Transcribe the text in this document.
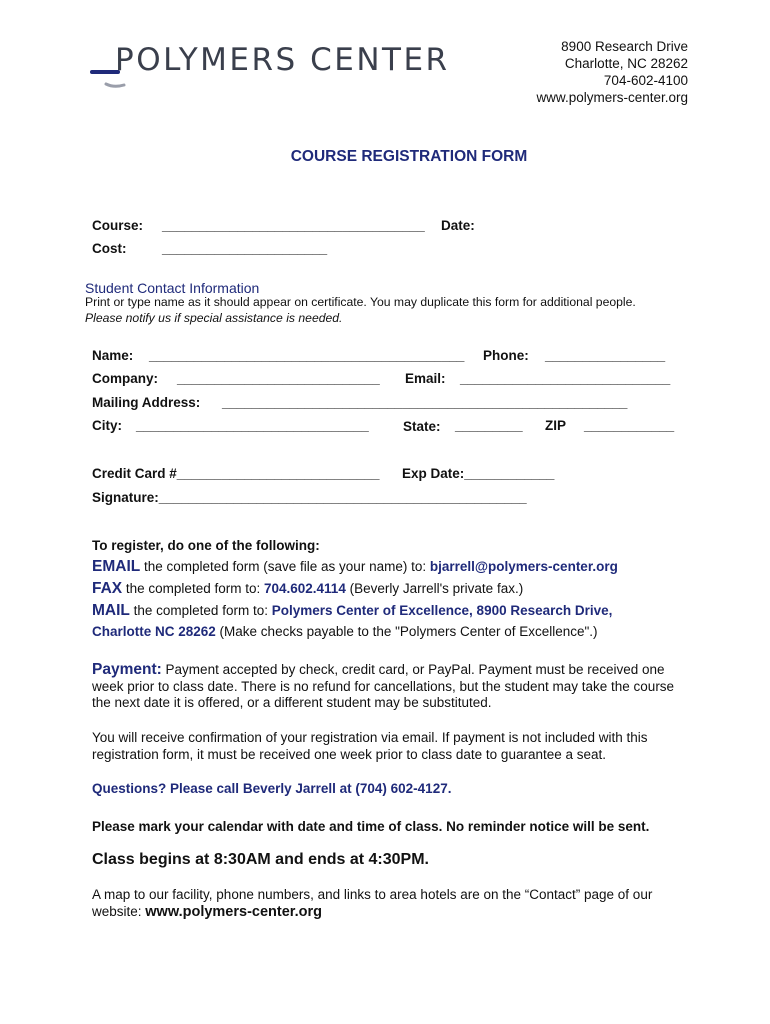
POLYMERS CENTER	8900 Research Drive
Charlotte, NC 28262
704-602-4100
www.polymers-center.org
COURSE REGISTRATION FORM
Course: ___________________________________ Date:
Cost:	______________________
Student Contact Information
Print or type name as it should appear on certificate. You may duplicate this form for additional people.
Please notify us if special assistance is needed.
Name: __________________________________________ Phone: ________________
Company: ___________________________ Email: ____________________________
Mailing Address: ______________________________________________________
City: _______________________________	State: _________ ZIP ____________
Credit Card #___________________________ Exp Date:____________
Signature:_________________________________________________
To register, do one of the following:
EMAIL the completed form (save file as your name) to: bjarrell@polymers-center.org
FAX the completed form to: 704.602.4114 (Beverly Jarrell's private fax.)
MAIL the completed form to: Polymers Center of Excellence, 8900 Research Drive,
Charlotte NC 28262 (Make checks payable to the "Polymers Center of Excellence".)
Payment: Payment accepted by check, credit card, or PayPal. Payment must be received one week prior to class date. There is no refund for cancellations, but the student may take the course the next date it is offered, or a different student may be substituted.
You will receive confirmation of your registration via email. If payment is not included with this registration form, it must be received one week prior to class date to guarantee a seat.
Questions? Please call Beverly Jarrell at (704) 602-4127.
Please mark your calendar with date and time of class. No reminder notice will be sent.
Class begins at 8:30AM and ends at 4:30PM.
A map to our facility, phone numbers, and links to area hotels are on the “Contact” page of our website: www.polymers-center.org
